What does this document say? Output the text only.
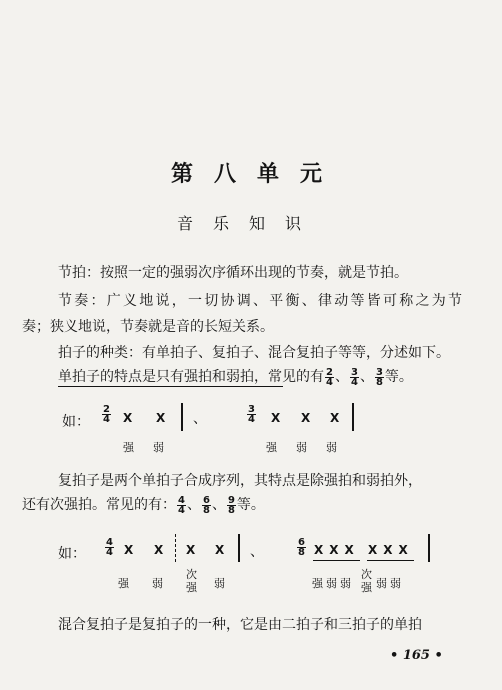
第八单元
音乐知识
节拍：按照一定的强弱次序循环出现的节奏，就是节拍。
节奏：广义地说，一切协调、平衡、律动等皆可称之为节
奏；狭义地说，节奏就是音的长短关系。
拍子的种类：有单拍子、复拍子、混合复拍子等等，分述如下。
单拍子的特点是只有强拍和弱拍，常见的有 $\frac{2}{4}$ 、 $\frac{3}{4}$ 、 $\frac{3}{8}$ 等。
如： $\frac{2}{4}$ X X 、	$\frac{3}{4}$ X X X
强 弱	强 弱 弱
复拍子是两个单拍子合成序列，其特点是除强拍和弱拍外，
还有次强拍。常见的有： $\frac{4}{4}$ 、 $\frac{6}{8}$ 、 $\frac{9}{8}$ 等。
如： $\frac{4}{4}$ X X X X 、	$\frac{6}{8}$ XXX XXX
强 弱
次强 弱	强 弱 弱
次强 弱 弱
混合复拍子是复拍子的一种，它是由二拍子和三拍子的单拍
• 165 •
